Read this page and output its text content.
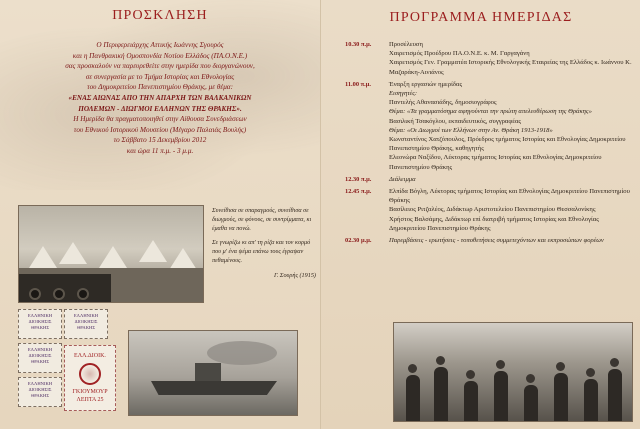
ΠΡΟΣΚΛΗΣΗ
Ο Περιφερειάρχης Αττικής Ιωάννης Σγουρός
και η Πανθρακική Ομοσπονδία Νοτίου Ελλάδος (ΠΑ.Ο.Ν.Ε.)
σας προσκαλούν να παρευρεθείτε στην ημερίδα που διοργανώνουν,
σε συνεργασία με το Τμήμα Ιστορίας και Εθνολογίας
του Δημοκριτείου Πανεπιστημίου Θράκης, με θέμα:
«ΕΝΑΣ ΑΙΩΝΑΣ ΑΠΟ ΤΗΝ ΑΠΑΡΧΗ ΤΩΝ ΒΑΛΚΑΝΙΚΩΝ
ΠΟΛΕΜΩΝ - ΔΙΩΓΜΟΙ ΕΛΛΗΝΩΝ ΤΗΣ ΘΡΑΚΗΣ».
Η Ημερίδα θα πραγματοποιηθεί στην Αίθουσα Συνεδριάσεων
του Εθνικού Ιστορικού Μουσείου (Μέγαρο Παλαιάς Βουλής)
το Σάββατο 15 Δεκεμβρίου 2012
και ώρα 11 π.μ. - 3 μ.μ.
Συνείθισα σε σπαραγμούς, συνείθισα σε διωγμούς, σε φόνους, σε συντρίμματα, κι έμαθα να πονώ.
Σε γνωρίζω κι απ' τη ρίζα και τον κορμό που μ' ένα ψέμα επάνω τους έγραψαν πεθαμένους.
Γ. Σουρής (1915)
ΕΛΛΗΝΙΚΗ ΔΙΟΙΚΗΣΙΣ
ΘΡΑΚΗΣ
ΕΛΛΗΝΙΚΗ ΔΙΟΙΚΗΣΙΣ
ΘΡΑΚΗΣ
ΕΛΛΗΝΙΚΗ ΔΙΟΙΚΗΣΙΣ
ΘΡΑΚΗΣ
ΕΛΛΗΝΙΚΗ ΔΙΟΙΚΗΣΙΣ
ΘΡΑΚΗΣ
ΕΛΛ.ΔΙΟΙΚ.
ΓΚΙΟΥΜΟΥΡ
ΛΕΠΤΑ 25
ΠΡΟΓΡΑΜΜΑ ΗΜΕΡΙΔΑΣ
10.30 π.μ.	Προσέλευση
Χαιρετισμός Προέδρου ΠΑ.Ο.Ν.Ε. κ. Μ. Γαργαγάνη
Χαιρετισμός Γεν. Γραμματέα Ιστορικής Εθνολογικής Εταιρείας της Ελλάδος κ. Ιωάννου Κ. Μαζαράκη-Αινιάνος
11.00 π.μ.	Έναρξη εργασιών ημερίδας
Εισηγητές:
Παντελής Αθανασιάδης, δημοσιογράφος
Θέμα: «Τα γραμματόσημα αφηγούνται την πρώτη απελευθέρωση της Θράκης»
Βασιλική Τσακόγλου, εκπαιδευτικός, συγγραφέας
Θέμα: «Οι Διωγμοί των Ελλήνων στην Αν. Θράκη 1913-1918»
Κωνσταντίνος Χατζόπουλος, Πρόεδρος τμήματος Ιστορίας και Εθνολογίας Δημοκριτείου Πανεπιστημίου Θράκης, καθηγητής
Ελεονώρα Ναξίδου, Λέκτορας τμήματος Ιστορίας και Εθνολογίας Δημοκριτείου Πανεπιστημίου Θράκης
12.30 π.μ.	Διάλειμμα
12.45 π.μ.	Ελπίδα Βόγλη, Λέκτορας τμήματος Ιστορίας και Εθνολογίας Δημοκριτείου Πανεπιστημίου Θράκης
Βασίλειος Ριτζαλέος, Διδάκτωρ Αριστοτελείου Πανεπιστημίου Θεσσαλονίκης
Χρήστος Βαλσάμης, Διδάκτωρ επί διατριβή τμήματος Ιστορίας και Εθνολογίας Δημοκριτείου Πανεπιστημίου Θράκης
02.30 μ.μ.	Παρεμβάσεις - ερωτήσεις - τοποθετήσεις συμμετεχόντων και εκπροσώπων φορέων
